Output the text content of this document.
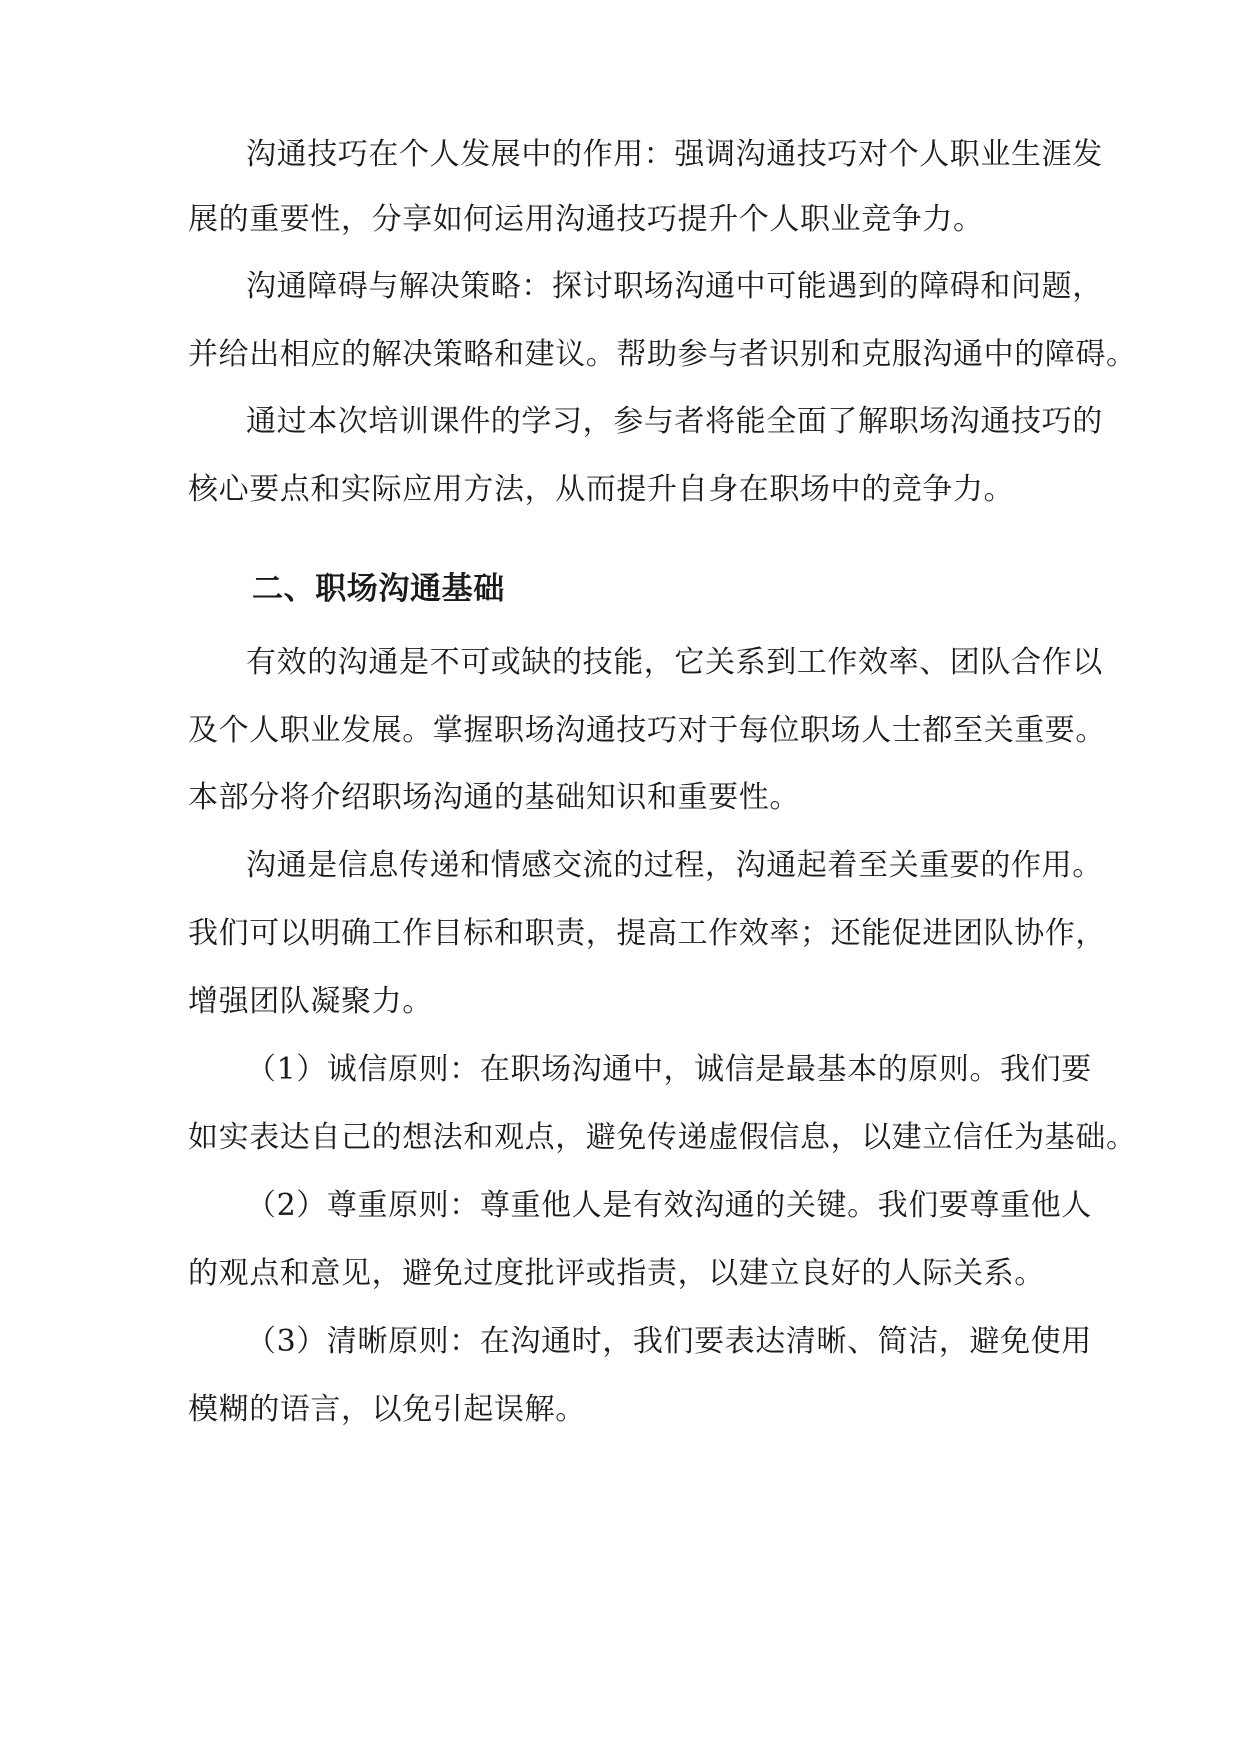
沟通技巧在个人发展中的作用：强调沟通技巧对个人职业生涯发
展的重要性，分享如何运用沟通技巧提升个人职业竞争力。
沟通障碍与解决策略：探讨职场沟通中可能遇到的障碍和问题，
并给出相应的解决策略和建议。帮助参与者识别和克服沟通中的障碍。
通过本次培训课件的学习，参与者将能全面了解职场沟通技巧的
核心要点和实际应用方法，从而提升自身在职场中的竞争力。
二、职场沟通基础
有效的沟通是不可或缺的技能，它关系到工作效率、团队合作以
及个人职业发展。掌握职场沟通技巧对于每位职场人士都至关重要。
本部分将介绍职场沟通的基础知识和重要性。
沟通是信息传递和情感交流的过程，沟通起着至关重要的作用。
我们可以明确工作目标和职责，提高工作效率；还能促进团队协作，
增强团队凝聚力。
（1）诚信原则：在职场沟通中，诚信是最基本的原则。我们要
如实表达自己的想法和观点，避免传递虚假信息，以建立信任为基础。
（2）尊重原则：尊重他人是有效沟通的关键。我们要尊重他人
的观点和意见，避免过度批评或指责，以建立良好的人际关系。
（3）清晰原则：在沟通时，我们要表达清晰、简洁，避免使用
模糊的语言，以免引起误解。
